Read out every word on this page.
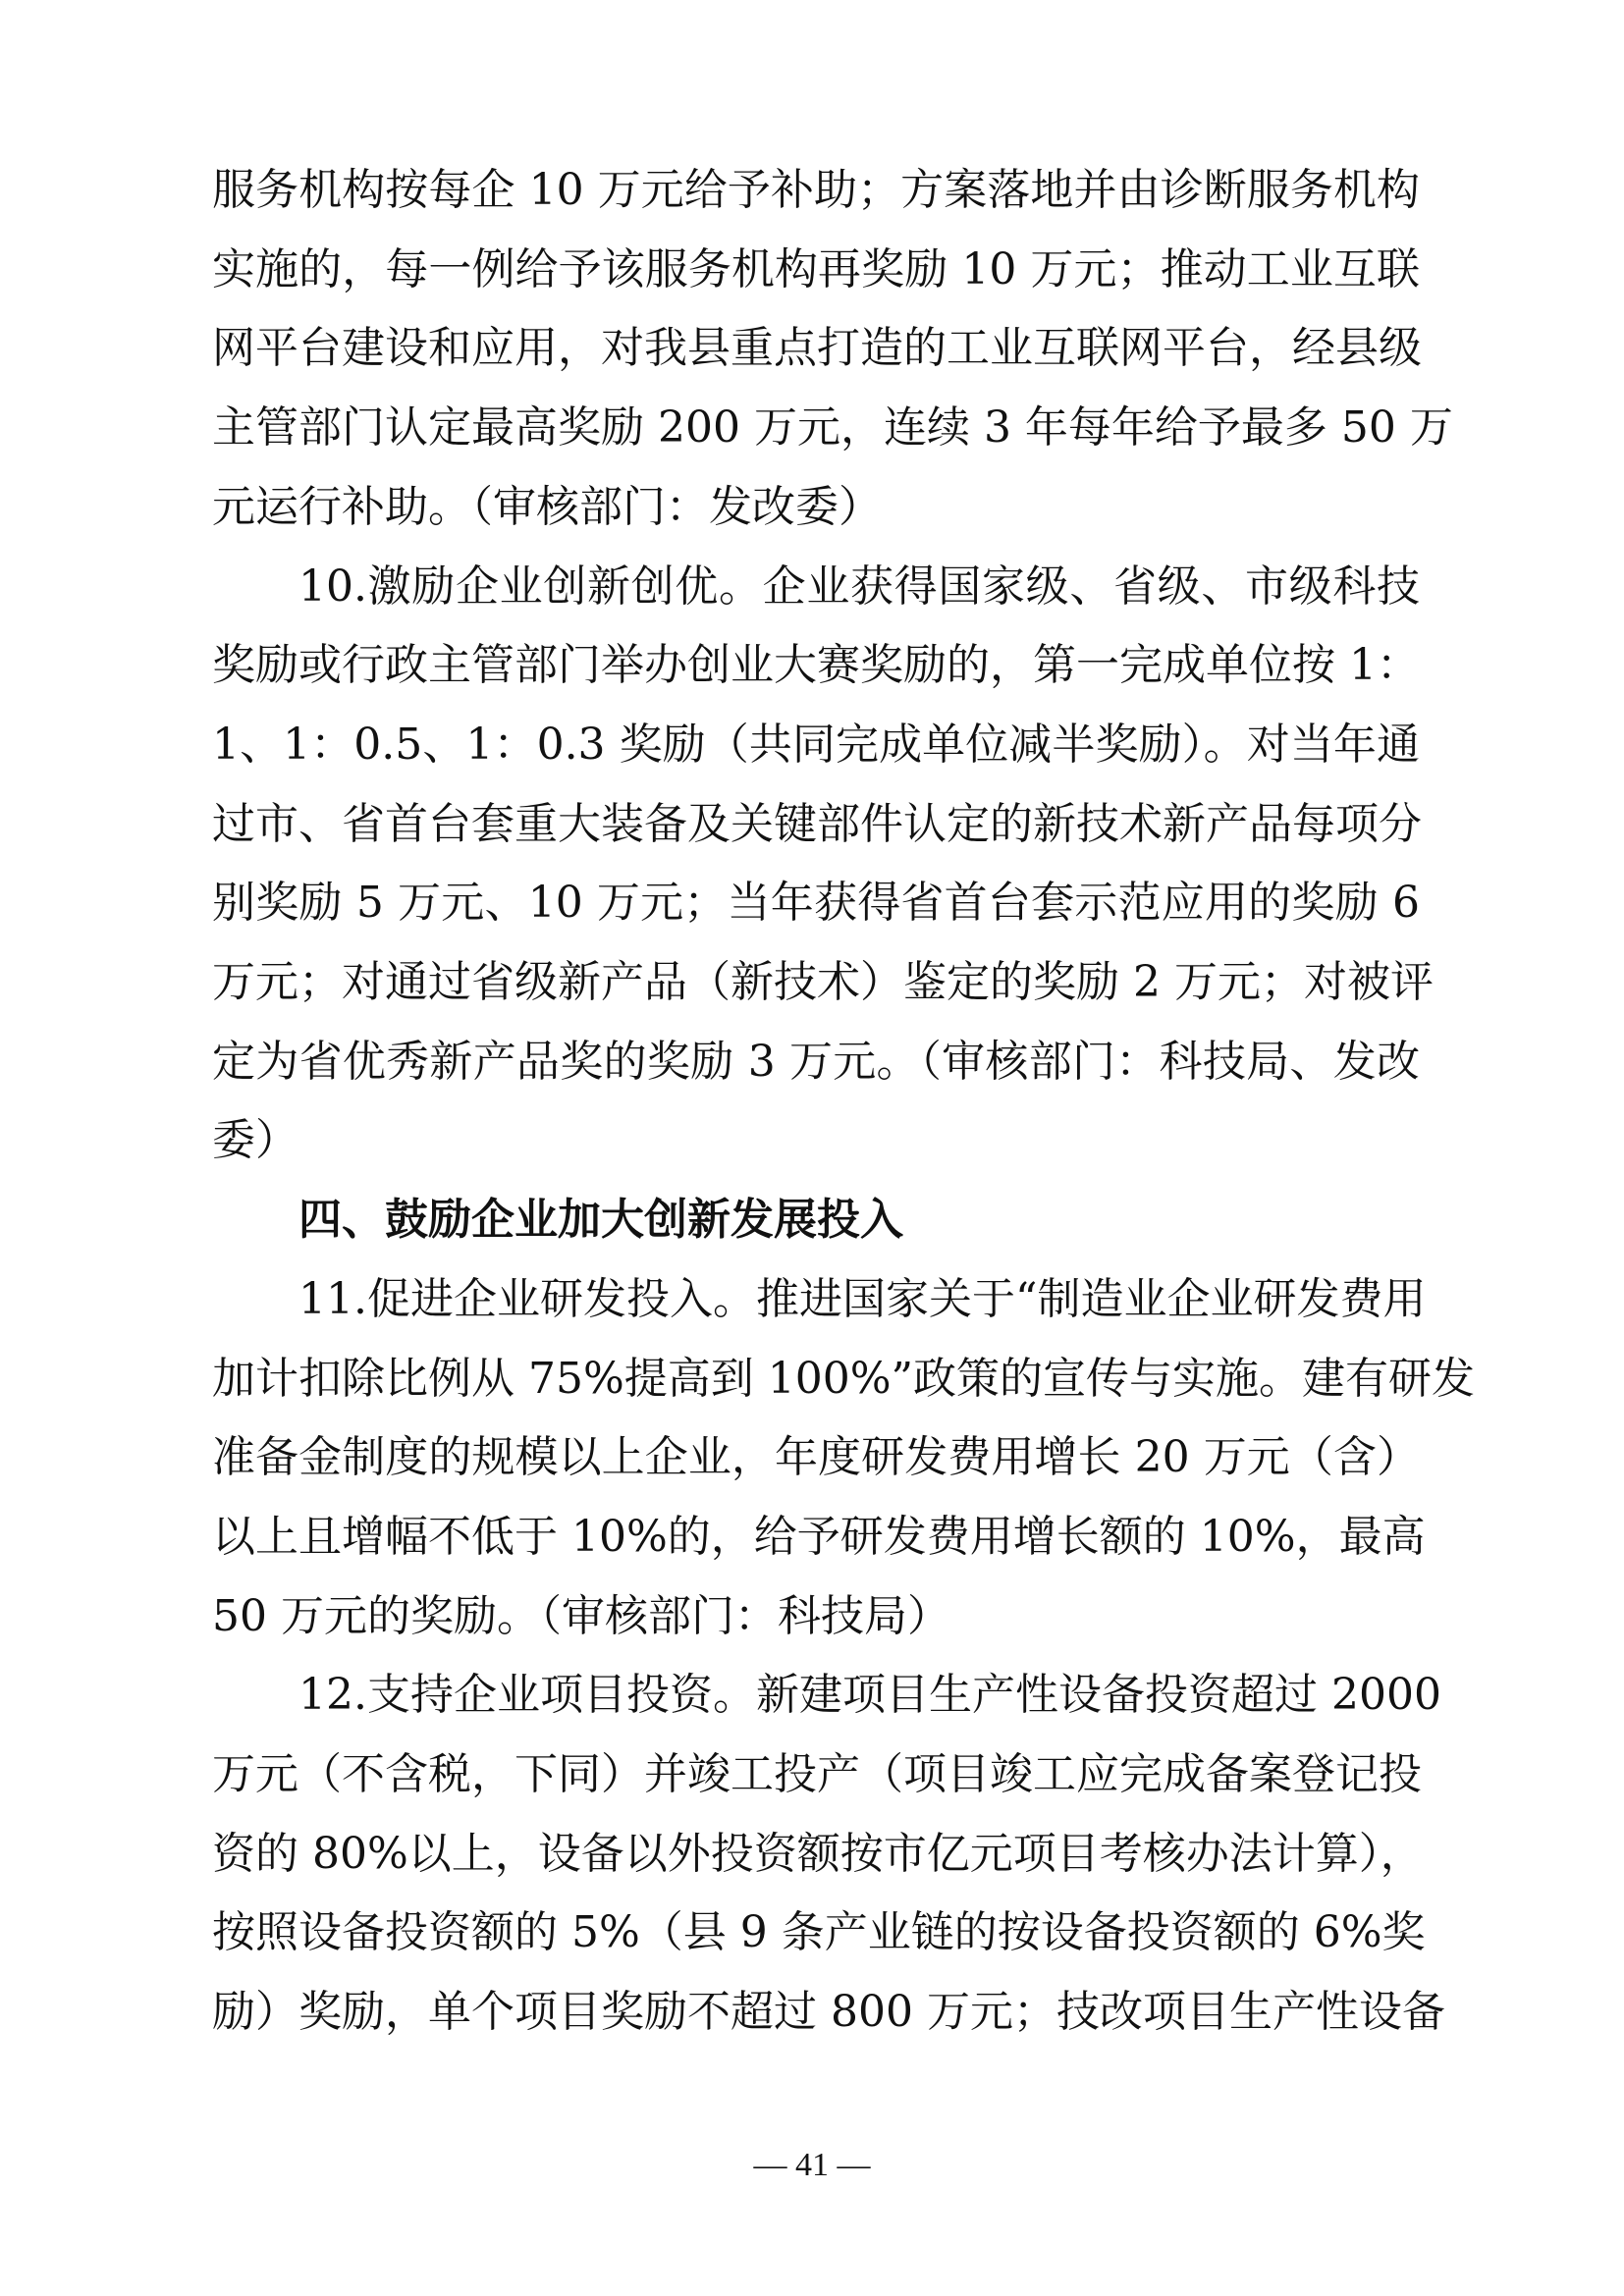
服务机构按每企 10 万元给予补助；方案落地并由诊断服务机构
实施的，每一例给予该服务机构再奖励 10 万元；推动工业互联
网平台建设和应用，对我县重点打造的工业互联网平台，经县级
主管部门认定最高奖励 200 万元，连续 3 年每年给予最多 50 万
元运行补助。（审核部门：发改委）
10.激励企业创新创优。企业获得国家级、省级、市级科技
奖励或行政主管部门举办创业大赛奖励的，第一完成单位按 1：
1、1：0.5、1：0.3 奖励（共同完成单位减半奖励）。对当年通
过市、省首台套重大装备及关键部件认定的新技术新产品每项分
别奖励 5 万元、10 万元；当年获得省首台套示范应用的奖励 6
万元；对通过省级新产品（新技术）鉴定的奖励 2 万元；对被评
定为省优秀新产品奖的奖励 3 万元。（审核部门：科技局、发改
委）
四、鼓励企业加大创新发展投入
11.促进企业研发投入。推进国家关于“制造业企业研发费用
加计扣除比例从 75%提高到 100%”政策的宣传与实施。建有研发
准备金制度的规模以上企业，年度研发费用增长 20 万元（含）
以上且增幅不低于 10%的，给予研发费用增长额的 10%，最高
50 万元的奖励。（审核部门：科技局）
12.支持企业项目投资。新建项目生产性设备投资超过 2000
万元（不含税，下同）并竣工投产（项目竣工应完成备案登记投
资的 80%以上，设备以外投资额按市亿元项目考核办法计算），
按照设备投资额的 5%（县 9 条产业链的按设备投资额的 6%奖
励）奖励，单个项目奖励不超过 800 万元；技改项目生产性设备
— 41 —
